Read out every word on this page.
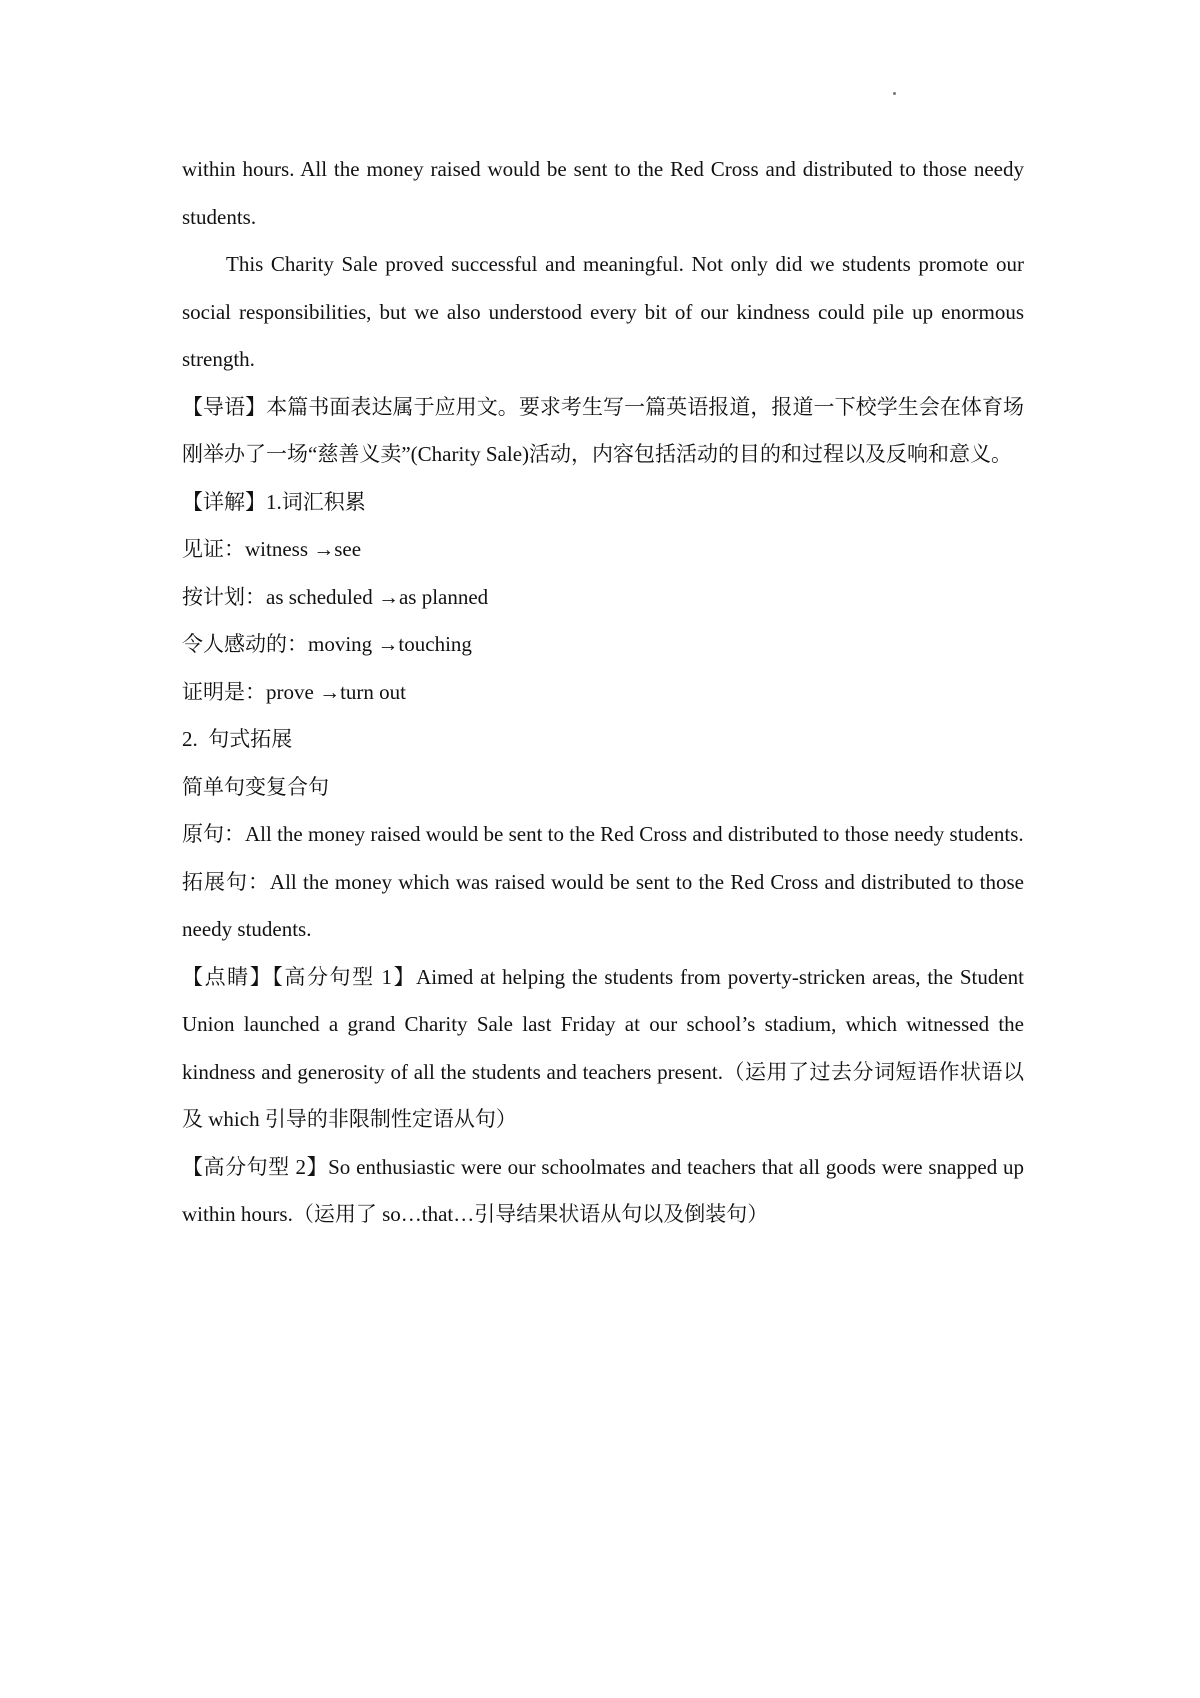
within hours. All the money raised would be sent to the Red Cross and distributed to those needy students.

This Charity Sale proved successful and meaningful. Not only did we students promote our social responsibilities, but we also understood every bit of our kindness could pile up enormous strength.

【导语】本篇书面表达属于应用文。要求考生写一篇英语报道，报道一下校学生会在体育场刚举办了一场“慈善义卖”(Charity Sale)活动，内容包括活动的目的和过程以及反响和意义。

【详解】1.词汇积累

见证：witness →see

按计划：as scheduled →as planned

令人感动的：moving →touching

证明是：prove →turn out

2.  句式拓展

简单句变复合句

原句：All the money raised would be sent to the Red Cross and distributed to those needy students.

拓展句：All the money which was raised would be sent to the Red Cross and distributed to those needy students.

【点睛】【高分句型 1】Aimed at helping the students from poverty-stricken areas, the Student Union launched a grand Charity Sale last Friday at our school’s stadium, which witnessed the kindness and generosity of all the students and teachers present.（运用了过去分词短语作状语以及 which 引导的非限制性定语从句）

【高分句型 2】So enthusiastic were our schoolmates and teachers that all goods were snapped up within hours.（运用了 so…that…引导结果状语从句以及倒装句）
